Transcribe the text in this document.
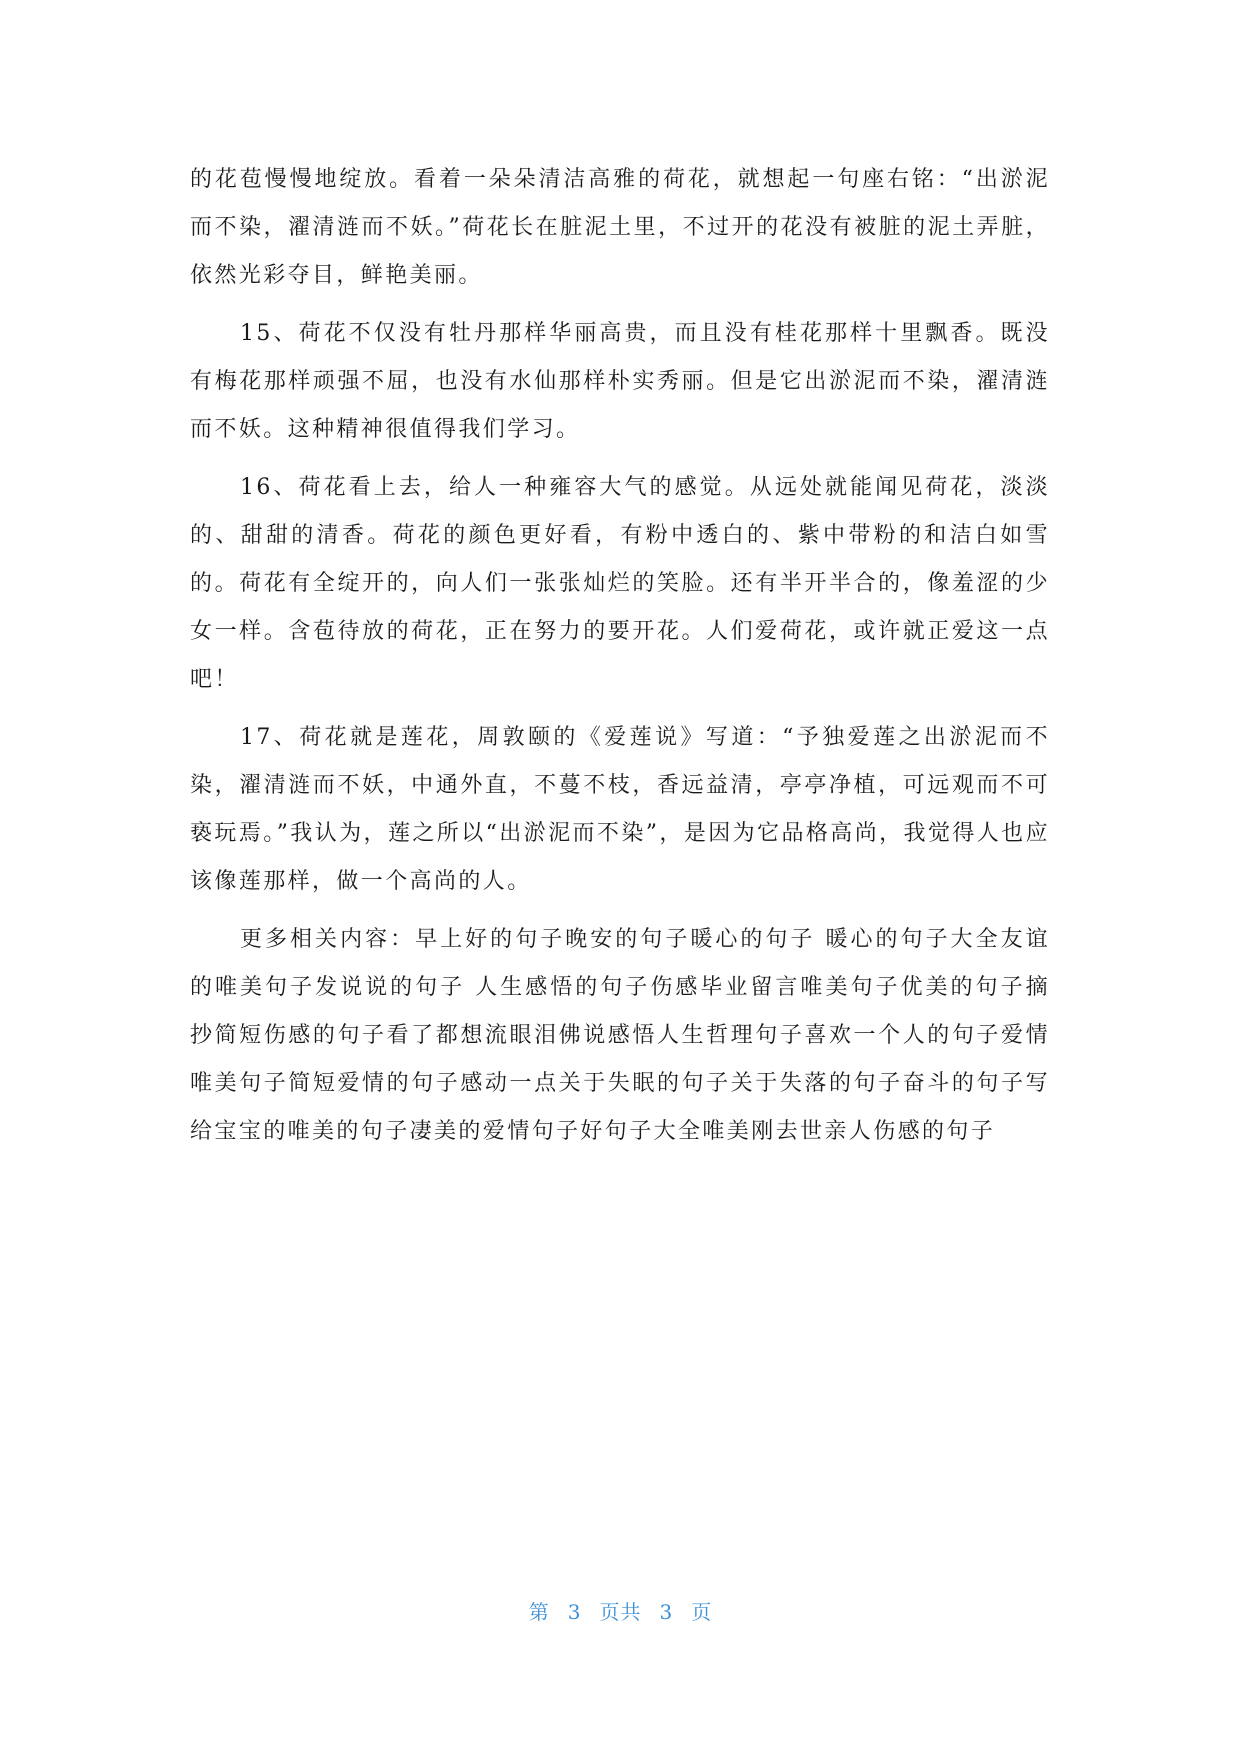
的花苞慢慢地绽放。看着一朵朵清洁高雅的荷花，就想起一句座右铭：“出淤泥而不染，濯清涟而不妖。”荷花长在脏泥土里，不过开的花没有被脏的泥土弄脏，依然光彩夺目，鲜艳美丽。

15、荷花不仅没有牡丹那样华丽高贵，而且没有桂花那样十里飘香。既没有梅花那样顽强不屈，也没有水仙那样朴实秀丽。但是它出淤泥而不染，濯清涟而不妖。这种精神很值得我们学习。

16、荷花看上去，给人一种雍容大气的感觉。从远处就能闻见荷花，淡淡的、甜甜的清香。荷花的颜色更好看，有粉中透白的、紫中带粉的和洁白如雪的。荷花有全绽开的，向人们一张张灿烂的笑脸。还有半开半合的，像羞涩的少女一样。含苞待放的荷花，正在努力的要开花。人们爱荷花，或许就正爱这一点吧！

17、荷花就是莲花，周敦颐的《爱莲说》写道：“予独爱莲之出淤泥而不染，濯清涟而不妖，中通外直，不蔓不枝，香远益清，亭亭净植，可远观而不可亵玩焉。”我认为，莲之所以“出淤泥而不染”，是因为它品格高尚，我觉得人也应该像莲那样，做一个高尚的人。

更多相关内容：早上好的句子晚安的句子暖心的句子 暖心的句子大全友谊的唯美句子发说说的句子 人生感悟的句子伤感毕业留言唯美句子优美的句子摘抄简短伤感的句子看了都想流眼泪佛说感悟人生哲理句子喜欢一个人的句子爱情唯美句子简短爱情的句子感动一点关于失眠的句子关于失落的句子奋斗的句子写给宝宝的唯美的句子凄美的爱情句子好句子大全唯美刚去世亲人伤感的句子

第 3 页共 3 页
